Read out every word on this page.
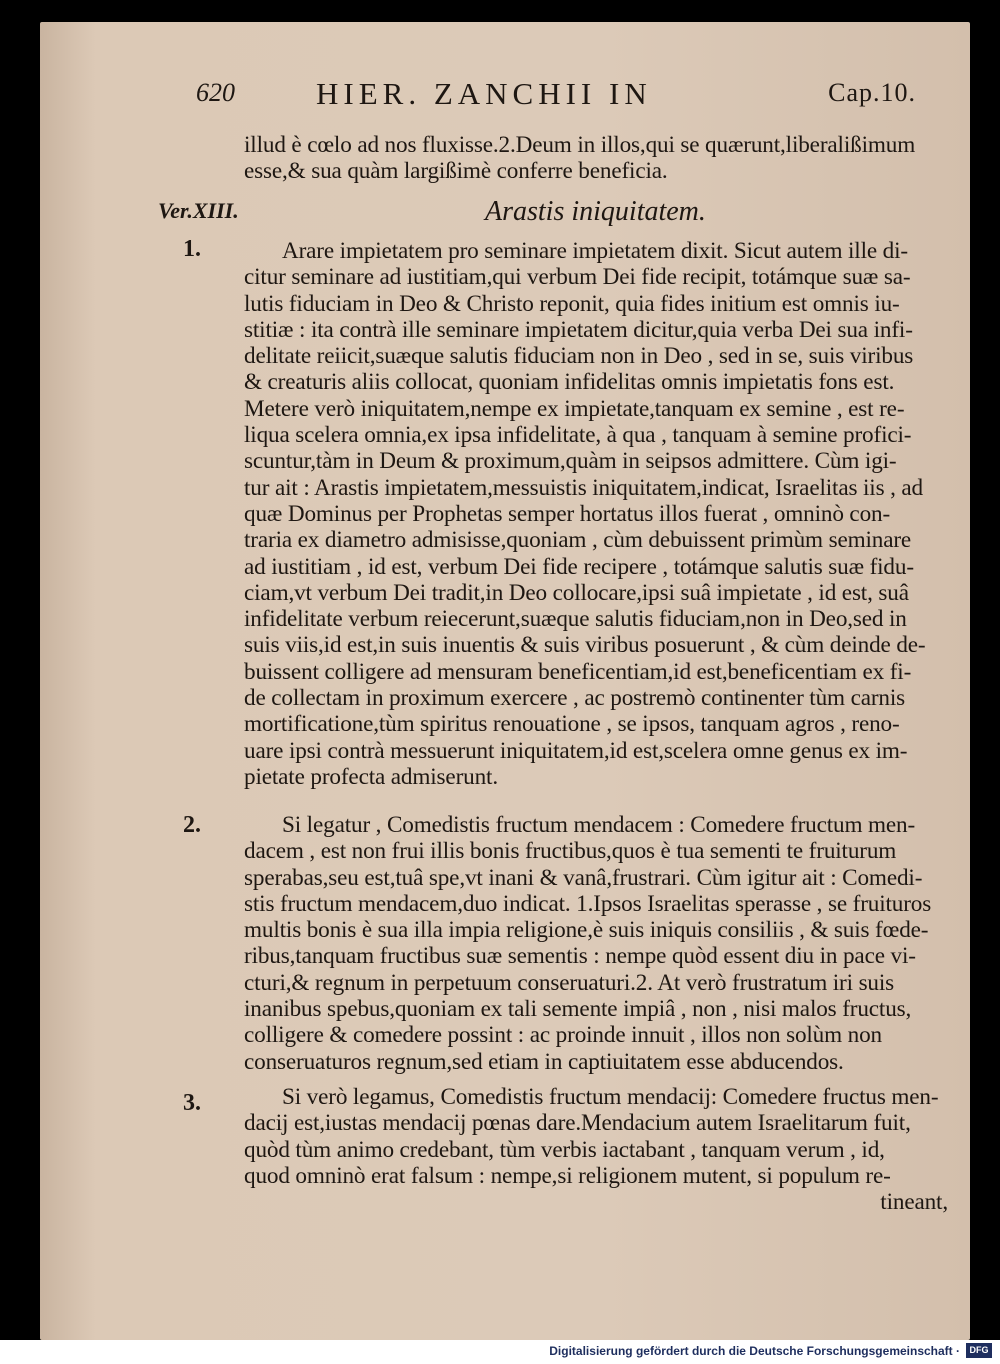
620	HIER. ZANCHII IN	Cap.10.
illud è cœlo ad nos fluxisse.2.Deum in illos,qui se quærunt,liberalißimum
esse,& sua quàm largißimè conferre beneficia.
Ver.XIII.	Arastis iniquitatem.
1.	Arare impietatem pro seminare impietatem dixit. Sicut autem ille di-
citur seminare ad iustitiam,qui verbum Dei fide recipit, totámque suæ sa-
lutis fiduciam in Deo & Christo reponit, quia fides initium est omnis iu-
stitiæ : ita contrà ille seminare impietatem dicitur,quia verba Dei sua infi-
delitate reiicit,suæque salutis fiduciam non in Deo , sed in se, suis viribus
& creaturis aliis collocat, quoniam infidelitas omnis impietatis fons est.
Metere verò iniquitatem,nempe ex impietate,tanquam ex semine , est re-
liqua scelera omnia,ex ipsa infidelitate, à qua , tanquam à semine profici-
scuntur,tàm in Deum & proximum,quàm in seipsos admittere. Cùm igi-
tur ait : Arastis impietatem,messuistis iniquitatem,indicat, Israelitas iis , ad
quæ Dominus per Prophetas semper hortatus illos fuerat , omninò con-
traria ex diametro admisisse,quoniam , cùm debuissent primùm seminare
ad iustitiam , id est, verbum Dei fide recipere , totámque salutis suæ fidu-
ciam,vt verbum Dei tradit,in Deo collocare,ipsi suâ impietate , id est, suâ
infidelitate verbum reiecerunt,suæque salutis fiduciam,non in Deo,sed in
suis viis,id est,in suis inuentis & suis viribus posuerunt , & cùm deinde de-
buissent colligere ad mensuram beneficentiam,id est,beneficentiam ex fi-
de collectam in proximum exercere , ac postremò continenter tùm carnis
mortificatione,tùm spiritus renouatione , se ipsos, tanquam agros , reno-
uare ipsi contrà messuerunt iniquitatem,id est,scelera omne genus ex im-
pietate profecta admiserunt.
2.	Si legatur , Comedistis fructum mendacem : Comedere fructum men-
dacem , est non frui illis bonis fructibus,quos è tua sementi te fruiturum
sperabas,seu est,tuâ spe,vt inani & vanâ,frustrari. Cùm igitur ait : Comedi-
stis fructum mendacem,duo indicat. 1.Ipsos Israelitas sperasse , se fruituros
multis bonis è sua illa impia religione,è suis iniquis consiliis , & suis fœde-
ribus,tanquam fructibus suæ sementis : nempe quòd essent diu in pace vi-
cturi,& regnum in perpetuum conseruaturi.2. At verò frustratum iri suis
inanibus spebus,quoniam ex tali semente impiâ , non , nisi malos fructus,
colligere & comedere possint : ac proinde innuit , illos non solùm non
conseruaturos regnum,sed etiam in captiuitatem esse abducendos.
3.	Si verò legamus, Comedistis fructum mendacij: Comedere fructus men-
dacij est,iustas mendacij pœnas dare.Mendacium autem Israelitarum fuit,
quòd tùm animo credebant, tùm verbis iactabant , tanquam verum , id,
quod omninò erat falsum : nempe,si religionem mutent, si populum re-
tineant,
Digitalisierung gefördert durch die Deutsche Forschungsgemeinschaft ·	DFG
